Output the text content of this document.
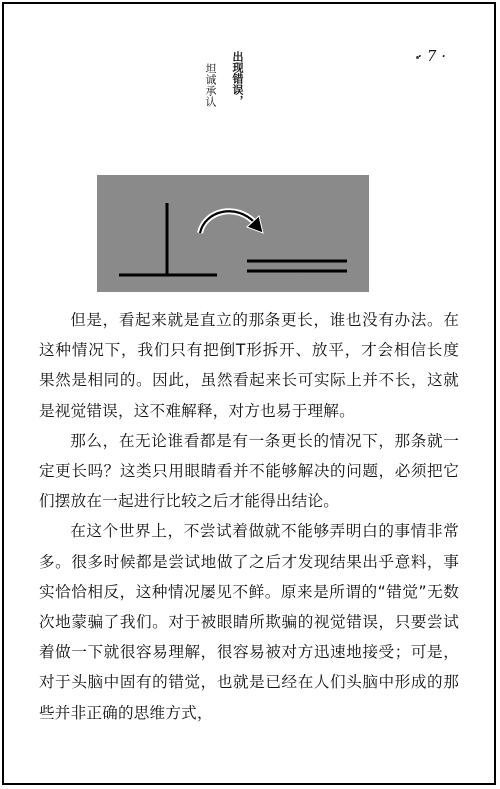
· 7 ·
出现错误，
坦诚承认

但是，看起来就是直立的那条更长，谁也没有办法。在这种情况下，我们只有把倒T形拆开、放平，才会相信长度果然是相同的。因此，虽然看起来长可实际上并不长，这就是视觉错误，这不难解释，对方也易于理解。

那么，在无论谁看都是有一条更长的情况下，那条就一定更长吗？这类只用眼睛看并不能够解决的问题，必须把它们摆放在一起进行比较之后才能得出结论。

在这个世界上，不尝试着做就不能够弄明白的事情非常多。很多时候都是尝试地做了之后才发现结果出乎意料，事实恰恰相反，这种情况屡见不鲜。原来是所谓的“错觉”无数次地蒙骗了我们。对于被眼睛所欺骗的视觉错误，只要尝试着做一下就很容易理解，很容易被对方迅速地接受；可是，对于头脑中固有的错觉，也就是已经在人们头脑中形成的那些并非正确的思维方式，
